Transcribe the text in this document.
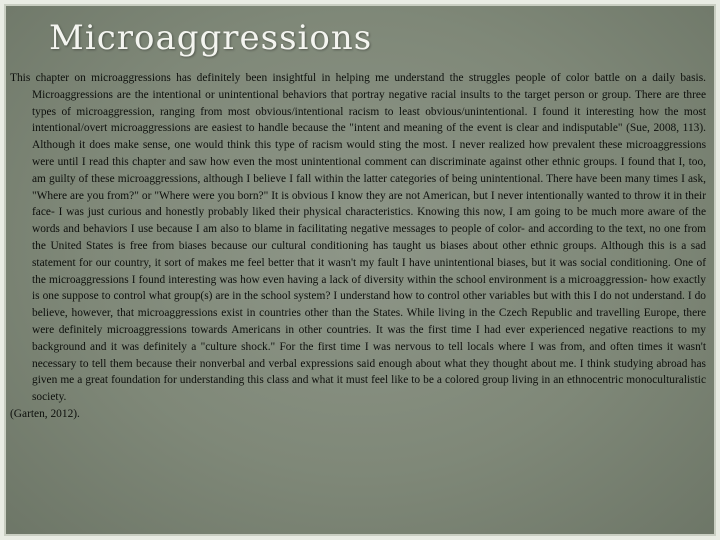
Microaggressions

This chapter on microaggressions has definitely been insightful in helping me understand the struggles people of color battle on a daily basis. Microaggressions are the intentional or unintentional behaviors that portray negative racial insults to the target person or group. There are three types of microaggression, ranging from most obvious/intentional racism to least obvious/unintentional. I found it interesting how the most intentional/overt microaggressions are easiest to handle because the "intent and meaning of the event is clear and indisputable" (Sue, 2008, 113). Although it does make sense, one would think this type of racism would sting the most. I never realized how prevalent these microaggressions were until I read this chapter and saw how even the most unintentional comment can discriminate against other ethnic groups. I found that I, too, am guilty of these microaggressions, although I believe I fall within the latter categories of being unintentional. There have been many times I ask, "Where are you from?" or "Where were you born?" It is obvious I know they are not American, but I never intentionally wanted to throw it in their face- I was just curious and honestly probably liked their physical characteristics. Knowing this now, I am going to be much more aware of the words and behaviors I use because I am also to blame in facilitating negative messages to people of color- and according to the text, no one from the United States is free from biases because our cultural conditioning has taught us biases about other ethnic groups. Although this is a sad statement for our country, it sort of makes me feel better that it wasn't my fault I have unintentional biases, but it was social conditioning. One of the microaggressions I found interesting was how even having a lack of diversity within the school environment is a microaggression- how exactly is one suppose to control what group(s) are in the school system? I understand how to control other variables but with this I do not understand. I do believe, however, that microaggressions exist in countries other than the States. While living in the Czech Republic and travelling Europe, there were definitely microaggressions towards Americans in other countries. It was the first time I had ever experienced negative reactions to my background and it was definitely a "culture shock." For the first time I was nervous to tell locals where I was from, and often times it wasn't necessary to tell them because their nonverbal and verbal expressions said enough about what they thought about me. I think studying abroad has given me a great foundation for understanding this class and what it must feel like to be a colored group living in an ethnocentric monoculturalistic society.

(Garten, 2012).
